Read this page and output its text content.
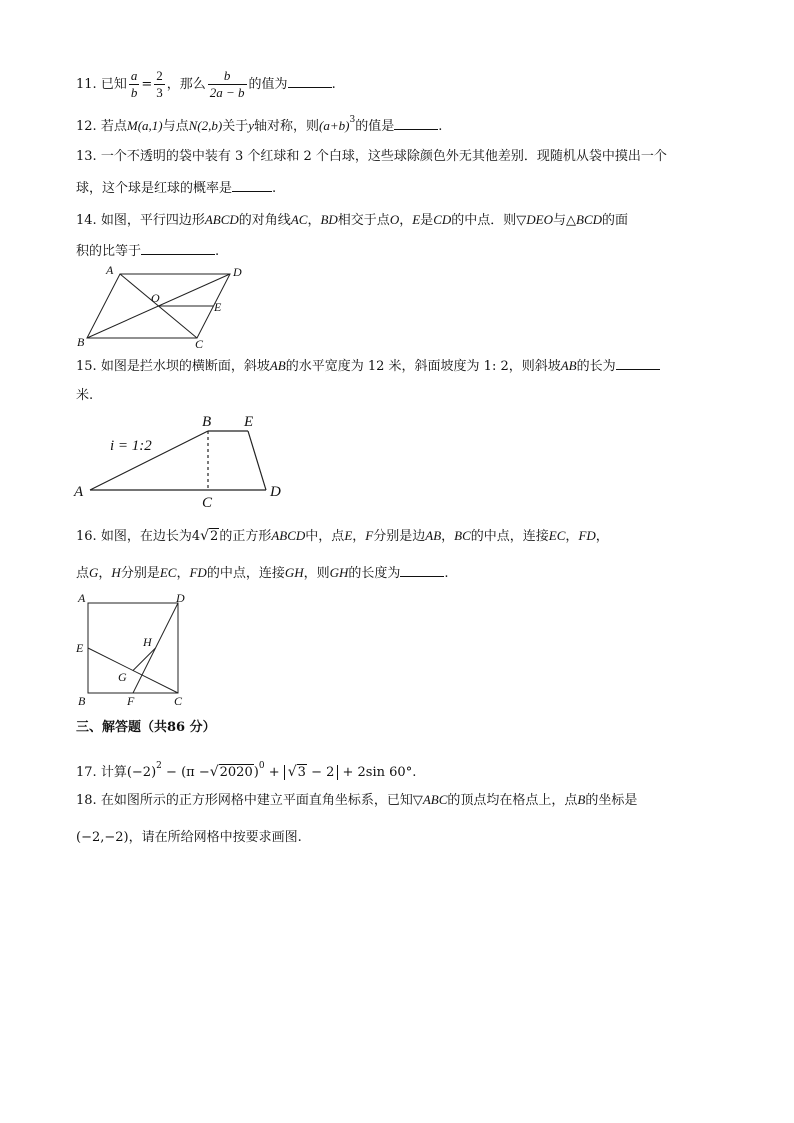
11. 已知 $\frac{a}{b} = \frac{2}{3}$ ，那么 $\frac{b}{2a - b}$ 的值为	.
12. 若点M(a,1)与点N(2,b)关于y轴对称，则$(a+b)^3$的值是	.
13. 一个不透明的袋中装有 3 个红球和 2 个白球，这些球除颜色外无其他差别．现随机从袋中摸出一个
球，这个球是红球的概率是	.
14. 如图，平行四边形ABCD的对角线AC，BD相交于点O，E是CD的中点．则▽DEO与△BCD的面
积的比等于	.
A	D
B	C
O
E
15. 如图是拦水坝的横断面，斜坡AB的水平宽度为 12 米，斜面坡度为 1: 2，则斜坡AB的长为
米.
A
B E
D
C
i = 1:2
16. 如图，在边长为4√2的正方形ABCD中，点E，F分别是边AB，BC的中点，连接EC，FD，
点G，H分别是EC，FD的中点，连接GH，则GH的长度为	.
A	D
E
B	F	C
G
H
三、解答题（共86 分）
17. 计算$(-2)^2 - (\pi -√2020)^0 + √3 - 2 + 2\sin$ 60°.
18. 在如图所示的正方形网格中建立平面直角坐标系，已知▽ABC的顶点均在格点上，点B的坐标是
(−2,−2)，请在所给网格中按要求画图.
